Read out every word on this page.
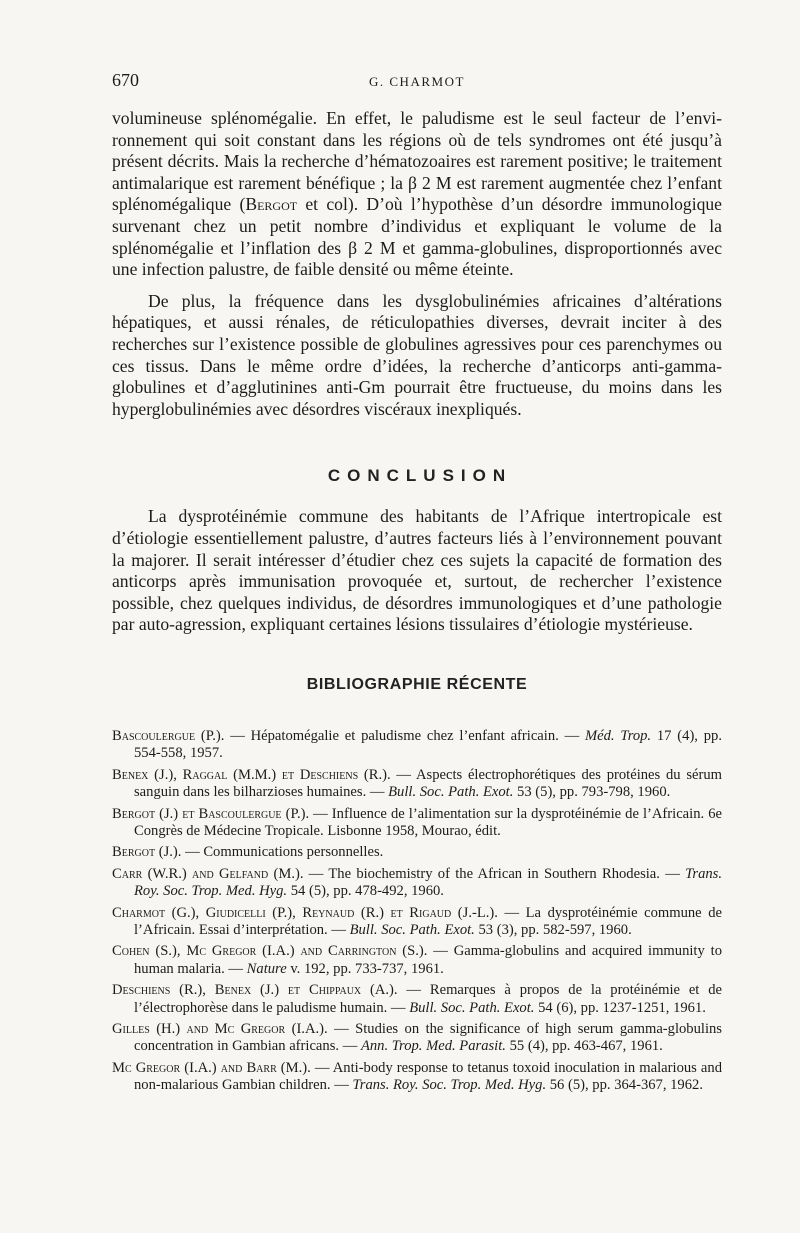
670	G. CHARMOT

volumineuse splénomégalie. En effet, le paludisme est le seul facteur de l’envi-ronnement qui soit constant dans les régions où de tels syndromes ont été jusqu’à présent décrits. Mais la recherche d’hématozoaires est rarement positive; le traitement antimalarique est rarement bénéfique ; la β 2 M est rarement augmentée chez l’enfant splénomégalique (Bergot et col). D’où l’hypothèse d’un désordre immunologique survenant chez un petit nombre d’individus et expliquant le volume de la splénomégalie et l’inflation des β 2 M et gamma-globulines, disproportionnés avec une infection palustre, de faible densité ou même éteinte.

De plus, la fréquence dans les dysglobulinémies africaines d’altérations hépatiques, et aussi rénales, de réticulopathies diverses, devrait inciter à des recherches sur l’existence possible de globulines agressives pour ces parenchymes ou ces tissus. Dans le même ordre d’idées, la recherche d’anticorps anti-gamma-globulines et d’agglutinines anti-Gm pourrait être fructueuse, du moins dans les hyperglobulinémies avec désordres viscéraux inexpliqués.

CONCLUSION

La dysprotéinémie commune des habitants de l’Afrique intertropicale est d’étiologie essentiellement palustre, d’autres facteurs liés à l’environnement pouvant la majorer. Il serait intéresser d’étudier chez ces sujets la capacité de formation des anticorps après immunisation provoquée et, surtout, de rechercher l’existence possible, chez quelques individus, de désordres immunologiques et d’une pathologie par auto-agression, expliquant certaines lésions tissulaires d’étiologie mystérieuse.

BIBLIOGRAPHIE RÉCENTE
Bascoulergue (P.). — Hépatomégalie et paludisme chez l’enfant africain. — Méd. Trop. 17 (4), pp. 554-558, 1957.
Benex (J.), Raggal (M.M.) et Deschiens (R.). — Aspects électrophorétiques des protéines du sérum sanguin dans les bilharzioses humaines. — Bull. Soc. Path. Exot. 53 (5), pp. 793-798, 1960.
Bergot (J.) et Bascoulergue (P.). — Influence de l’alimentation sur la dysprotéinémie de l’Africain. 6e Congrès de Médecine Tropicale. Lisbonne 1958, Mourao, édit.
Bergot (J.). — Communications personnelles.
Carr (W.R.) and Gelfand (M.). — The biochemistry of the African in Southern Rhodesia. — Trans. Roy. Soc. Trop. Med. Hyg. 54 (5), pp. 478-492, 1960.
Charmot (G.), Giudicelli (P.), Reynaud (R.) et Rigaud (J.-L.). — La dysprotéinémie commune de l’Africain. Essai d’interprétation. — Bull. Soc. Path. Exot. 53 (3), pp. 582-597, 1960.
Cohen (S.), Mc Gregor (I.A.) and Carrington (S.). — Gamma-globulins and acquired immunity to human malaria. — Nature v. 192, pp. 733-737, 1961.
Deschiens (R.), Benex (J.) et Chippaux (A.). — Remarques à propos de la protéinémie et de l’électrophorèse dans le paludisme humain. — Bull. Soc. Path. Exot. 54 (6), pp. 1237-1251, 1961.
Gilles (H.) and Mc Gregor (I.A.). — Studies on the significance of high serum gamma-globulins concentration in Gambian africans. — Ann. Trop. Med. Parasit. 55 (4), pp. 463-467, 1961.
Mc Gregor (I.A.) and Barr (M.). — Anti-body response to tetanus toxoid inoculation in malarious and non-malarious Gambian children. — Trans. Roy. Soc. Trop. Med. Hyg. 56 (5), pp. 364-367, 1962.
